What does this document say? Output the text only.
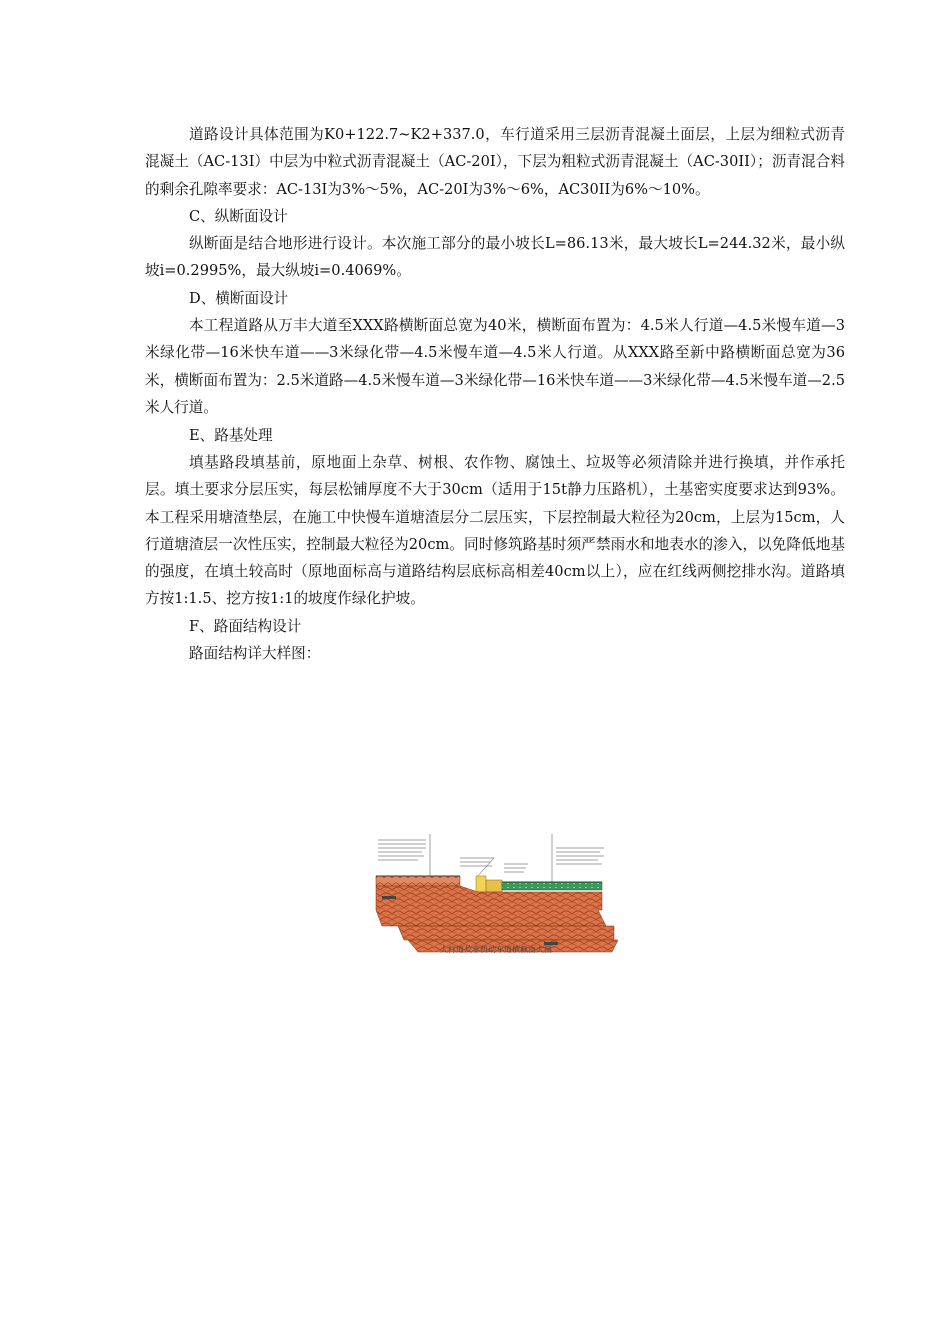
道路设计具体范围为K0+122.7~K2+337.0，车行道采用三层沥青混凝土面层，上层为细粒式沥青混凝土（AC-13I）中层为中粒式沥青混凝土（AC-20I），下层为粗粒式沥青混凝土（AC-30II）；沥青混合料的剩余孔隙率要求：AC-13I为3%～5%，AC-20I为3%～6%，AC30II为6%～10%。

C、纵断面设计

纵断面是结合地形进行设计。本次施工部分的最小坡长L=86.13米，最大坡长L=244.32米，最小纵坡i=0.2995%，最大纵坡i=0.4069%。

D、横断面设计

本工程道路从万丰大道至XXX路横断面总宽为40米，横断面布置为：4.5米人行道—4.5米慢车道—3米绿化带—16米快车道——3米绿化带—4.5米慢车道—4.5米人行道。从XXX路至新中路横断面总宽为36米，横断面布置为：2.5米道路—4.5米慢车道—3米绿化带—16米快车道——3米绿化带—4.5米慢车道—2.5米人行道。

E、路基处理

填基路段填基前，原地面上杂草、树根、农作物、腐蚀土、垃圾等必须清除并进行换填，并作承托层。填土要求分层压实，每层松铺厚度不大于30cm（适用于15t静力压路机），土基密实度要求达到93%。本工程采用塘渣垫层，在施工中快慢车道塘渣层分二层压实，下层控制最大粒径为20cm，上层为15cm，人行道塘渣层一次性压实，控制最大粒径为20cm。同时修筑路基时须严禁雨水和地表水的渗入，以免降低地基的强度，在填土较高时（原地面标高与道路结构层底标高相差40cm以上），应在红线两侧挖排水沟。道路填方按1:1.5、挖方按1:1的坡度作绿化护坡。

F、路面结构设计

路面结构详大样图：

人行道及非机动车道横截面大图
